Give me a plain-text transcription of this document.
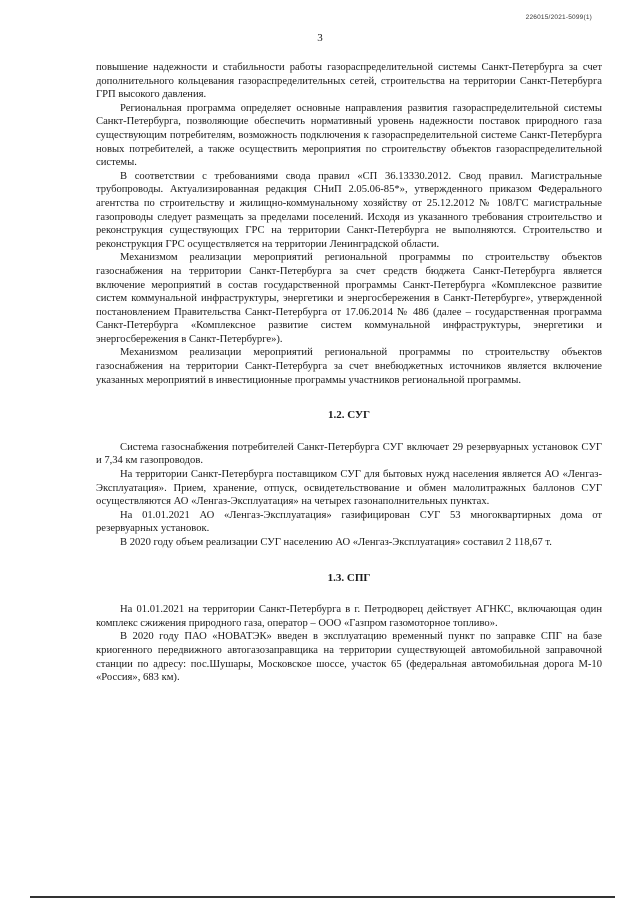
226015/2021-5099(1)
3

повышение надежности и стабильности работы газораспределительной системы Санкт-Петербурга за счет дополнительного кольцевания газораспределительных сетей, строительства на территории Санкт-Петербурга ГРП высокого давления.

Региональная программа определяет основные направления развития газораспределительной системы Санкт-Петербурга, позволяющие обеспечить нормативный уровень надежности поставок природного газа существующим потребителям, возможность подключения к газораспределительной системе Санкт-Петербурга новых потребителей, а также осуществить мероприятия по строительству объектов газораспределительной системы.

В соответствии с требованиями свода правил «СП 36.13330.2012. Свод правил. Магистральные трубопроводы. Актуализированная редакция СНиП 2.05.06-85*», утвержденного приказом Федерального агентства по строительству и жилищно-коммунальному хозяйству от 25.12.2012 № 108/ГС магистральные газопроводы следует размещать за пределами поселений. Исходя из указанного требования строительство и реконструкция существующих ГРС на территории Санкт-Петербурга не выполняются. Строительство и реконструкция ГРС осуществляется на территории Ленинградской области.

Механизмом реализации мероприятий региональной программы по строительству объектов газоснабжения на территории Санкт-Петербурга за счет средств бюджета Санкт-Петербурга является включение мероприятий в состав государственной программы Санкт-Петербурга «Комплексное развитие систем коммунальной инфраструктуры, энергетики и энергосбережения в Санкт-Петербурге», утвержденной постановлением Правительства Санкт-Петербурга от 17.06.2014 № 486 (далее – государственная программа Санкт-Петербурга «Комплексное развитие систем коммунальной инфраструктуры, энергетики и энергосбережения в Санкт-Петербурге»).

Механизмом реализации мероприятий региональной программы по строительству объектов газоснабжения на территории Санкт-Петербурга за счет внебюджетных источников является включение указанных мероприятий в инвестиционные программы участников региональной программы.

1.2. СУГ

Система газоснабжения потребителей Санкт-Петербурга СУГ включает 29 резервуарных установок СУГ и 7,34 км газопроводов.

На территории Санкт-Петербурга поставщиком СУГ для бытовых нужд населения является АО «Ленгаз-Эксплуатация». Прием, хранение, отпуск, освидетельствование и обмен малолитражных баллонов СУГ осуществляются АО «Ленгаз-Эксплуатация» на четырех газонаполнительных пунктах.

На 01.01.2021 АО «Ленгаз-Эксплуатация» газифицирован СУГ 53 многоквартирных дома от резервуарных установок.

В 2020 году объем реализации СУГ населению АО «Ленгаз-Эксплуатация» составил 2 118,67 т.

1.3. СПГ

На 01.01.2021 на территории Санкт-Петербурга в г. Петродворец действует АГНКС, включающая один комплекс сжижения природного газа, оператор – ООО «Газпром газомоторное топливо».

В 2020 году ПАО «НОВАТЭК» введен в эксплуатацию временный пункт по заправке СПГ на базе криогенного передвижного автогазозаправщика на территории существующей автомобильной заправочной станции по адресу: пос.Шушары, Московское шоссе, участок 65 (федеральная автомобильная дорога М-10 «Россия», 683 км).
